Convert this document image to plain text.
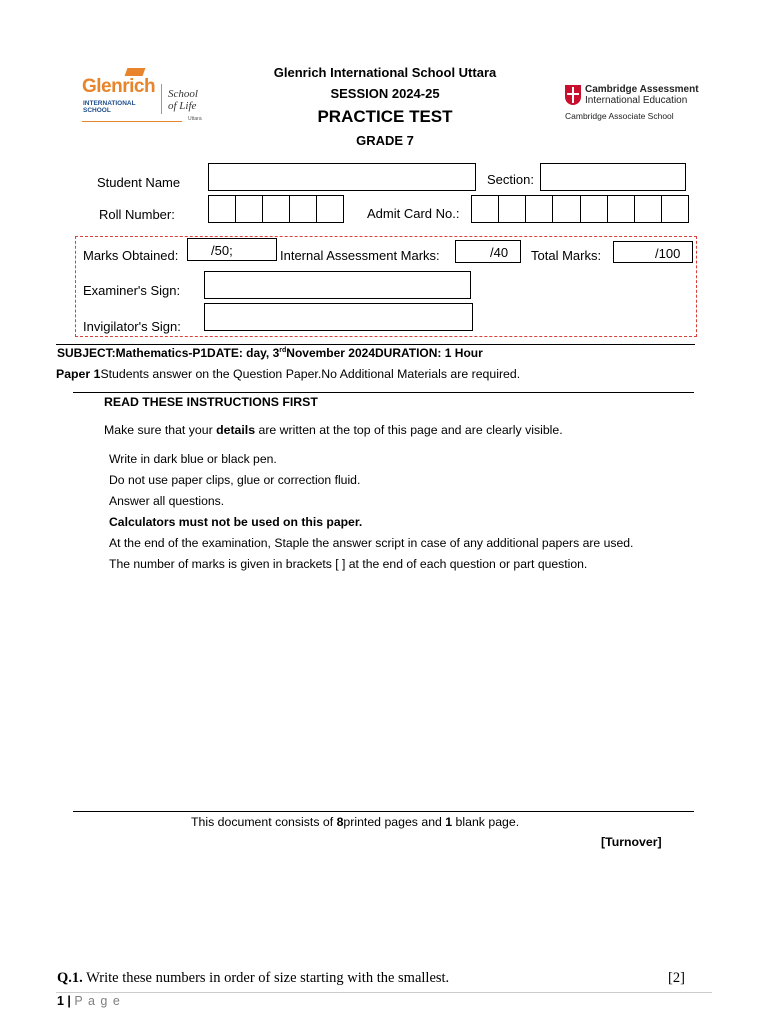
Glenrich
INTERNATIONAL
SCHOOL
School
of Life
Uttara
Glenrich International School Uttara
SESSION 2024-25
PRACTICE TEST
GRADE 7
Cambridge Assessment
International Education
Cambridge Associate School
Student Name	Section:
Roll Number:	Admit Card No.:
Marks Obtained:	/50;	Internal Assessment Marks:	/40 Total Marks:	/100
Examiner's Sign:
Invigilator's Sign:
SUBJECT:Mathematics-P1DATE: day, 3rdNovember 2024DURATION: 1 Hour
Paper 1Students answer on the Question Paper.No Additional Materials are required.
READ THESE INSTRUCTIONS FIRST
Make sure that your details are written at the top of this page and are clearly visible.
Write in dark blue or black pen.
Do not use paper clips, glue or correction fluid.
Answer all questions.
Calculators must not be used on this paper.
At the end of the examination, Staple the answer script in case of any additional papers are used.
The number of marks is given in brackets [ ] at the end of each question or part question.
This document consists of 8printed pages and 1 blank page.
[Turnover]
Q.1. Write these numbers in order of size starting with the smallest.	[2]
1 | P a g e
